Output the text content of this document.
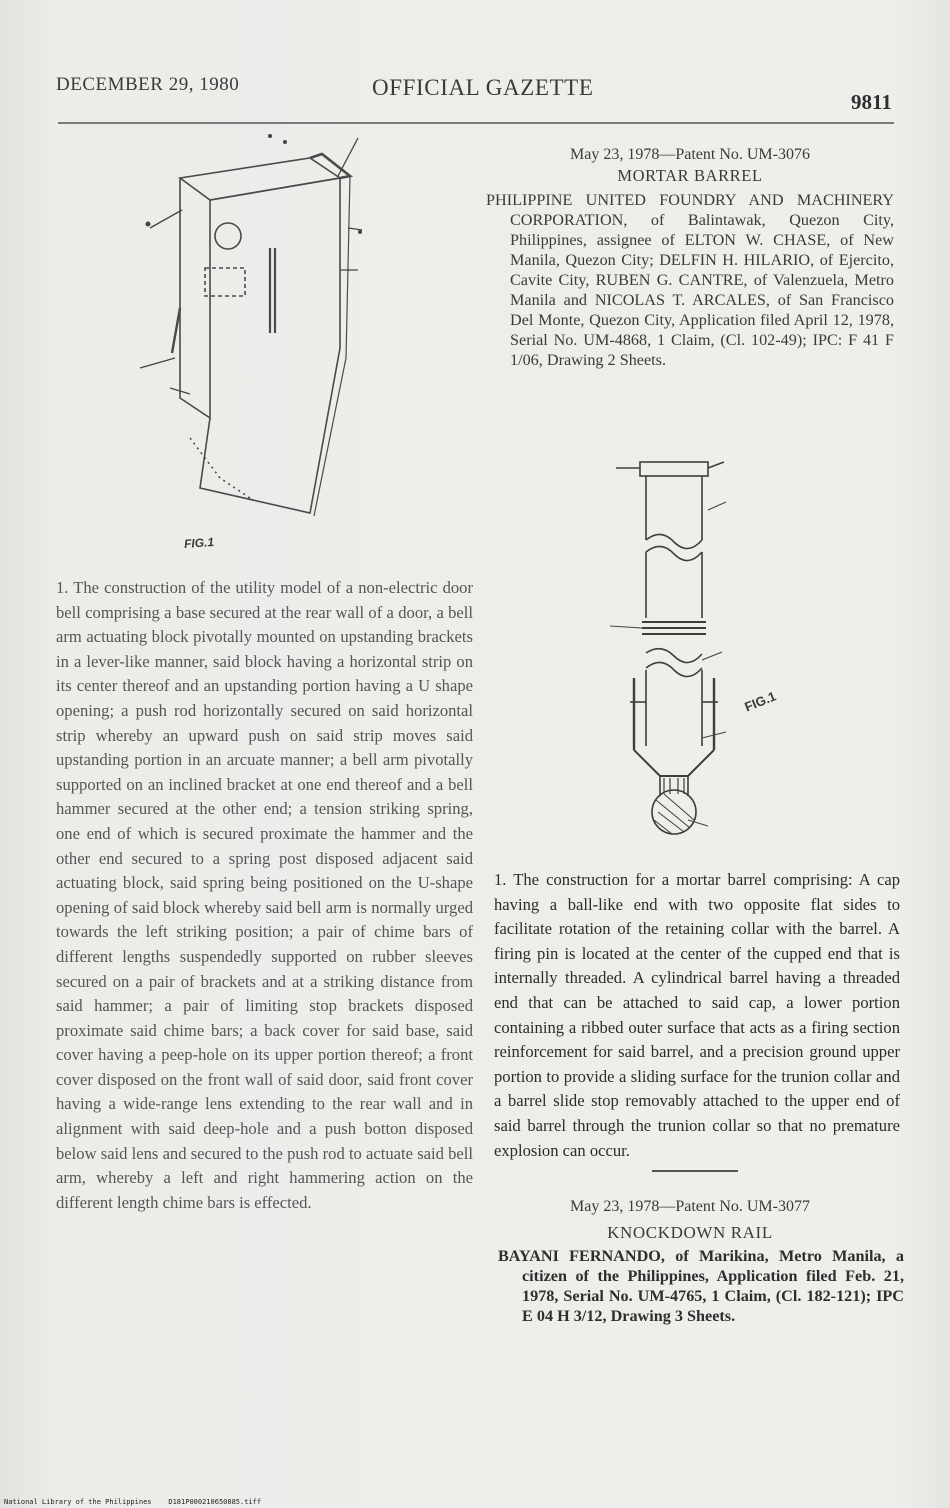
DECEMBER 29, 1980	OFFICIAL GAZETTE
9811
FIG.1

1. The construction of the utility model of a non-electric door bell comprising a base secured at the rear wall of a door, a bell arm actuating block pivotally mounted on upstanding brackets in a lever-like manner, said block having a horizontal strip on its center thereof and an upstanding portion having a U shape opening; a push rod horizontally secured on said horizontal strip whereby an upward push on said strip moves said upstanding portion in an arcuate manner; a bell arm pivotally supported on an inclined bracket at one end thereof and a bell hammer secured at the other end; a tension striking spring, one end of which is secured proximate the hammer and the other end secured to a spring post disposed adjacent said actuating block, said spring being positioned on the U-shape opening of said block whereby said bell arm is normally urged towards the left striking position; a pair of chime bars of different lengths suspendedly supported on rubber sleeves secured on a pair of brackets and at a striking distance from said hammer; a pair of limiting stop brackets disposed proximate said chime bars; a back cover for said base, said cover having a peep-hole on its upper portion thereof; a front cover disposed on the front wall of said door, said front cover having a wide-range lens extending to the rear wall and in alignment with said deep-hole and a push botton disposed below said lens and secured to the push rod to actuate said bell arm, whereby a left and right hammering action on the different length chime bars is effected.

May 23, 1978—Patent No. UM-3076
MORTAR BARREL
PHILIPPINE UNITED FOUNDRY AND MACHINERY CORPORATION, of Balintawak, Quezon City, Philippines, assignee of ELTON W. CHASE, of New Manila, Quezon City; DELFIN H. HILARIO, of Ejercito, Cavite City, RUBEN G. CANTRE, of Valenzuela, Metro Manila and NICOLAS T. ARCALES, of San Francisco Del Monte, Quezon City, Application filed April 12, 1978, Serial No. UM-4868, 1 Claim, (Cl. 102-49); IPC: F 41 F 1/06, Drawing 2 Sheets.
FIG.1

1. The construction for a mortar barrel comprising: A cap having a ball-like end with two opposite flat sides to facilitate rotation of the retaining collar with the barrel. A firing pin is located at the center of the cupped end that is internally threaded. A cylindrical barrel having a threaded end that can be attached to said cap, a lower portion containing a ribbed outer surface that acts as a firing section reinforcement for said barrel, and a precision ground upper portion to provide a sliding surface for the trunion collar and a barrel slide stop removably attached to the upper end of said barrel through the trunion collar so that no premature explosion can occur.

May 23, 1978—Patent No. UM-3077
KNOCKDOWN RAIL
BAYANI FERNANDO, of Marikina, Metro Manila, a citizen of the Philippines, Application filed Feb. 21, 1978, Serial No. UM-4765, 1 Claim, (Cl. 182-121); IPC E 04 H 3/12, Drawing 3 Sheets.
National Library of the Philippines D181P000210650885.tiff
